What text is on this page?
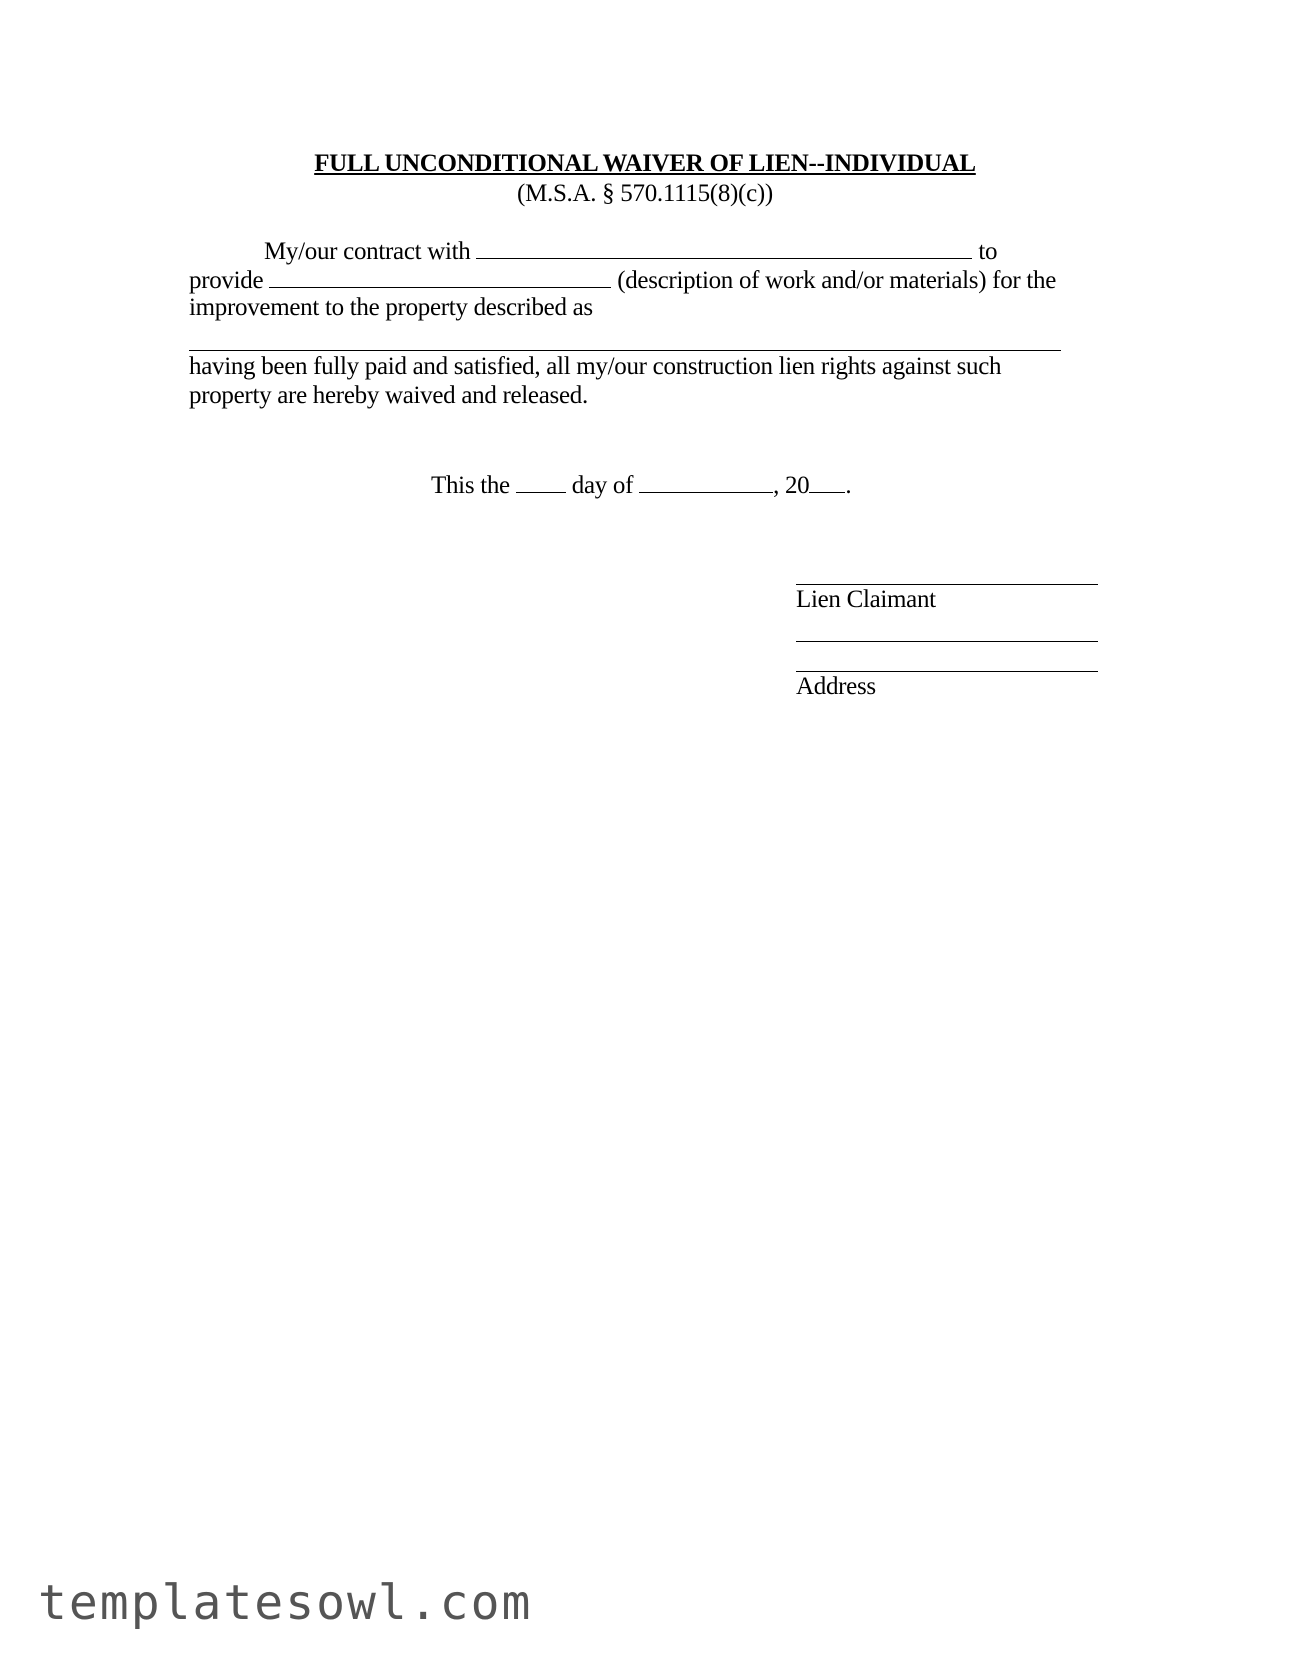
FULL UNCONDITIONAL WAIVER OF LIEN--INDIVIDUAL
(M.S.A. § 570.1115(8)(c))
My/our contract with	to
provide	(description of work and/or materials) for the
improvement to the property described as
having been fully paid and satisfied, all my/our construction lien rights against such
property are hereby waived and released.
This the day of	, 20 .
Lien Claimant
Address
templatesowl.com
